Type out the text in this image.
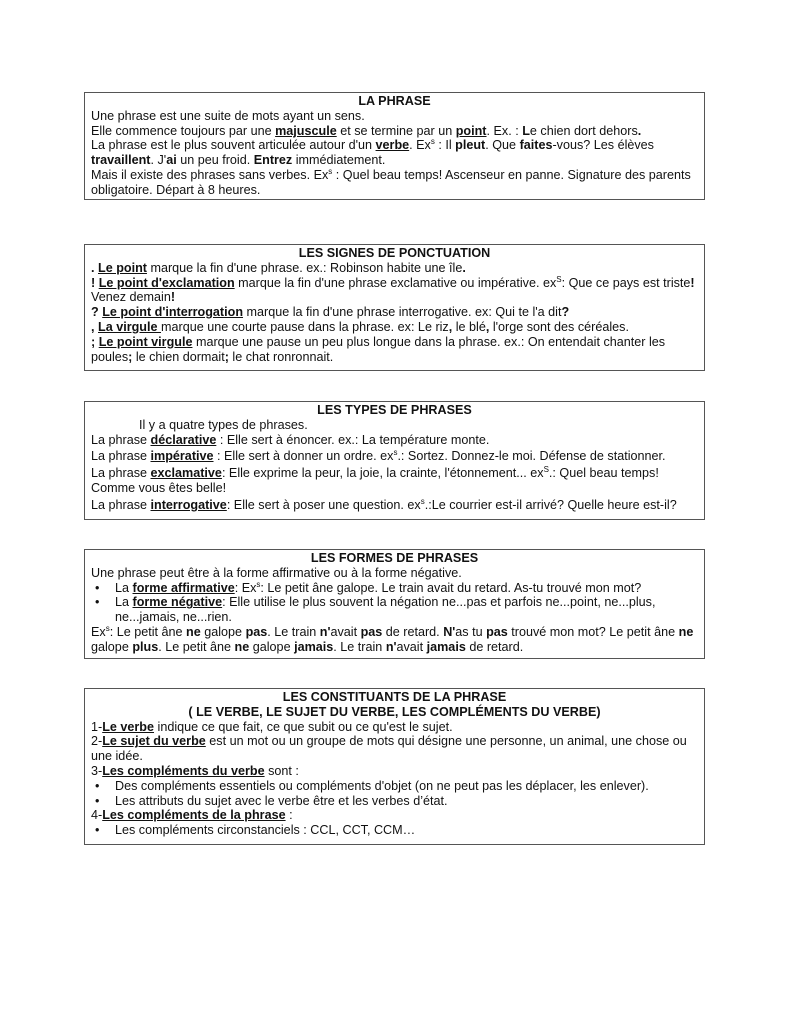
LA PHRASE
Une phrase est une suite de mots ayant un sens.
Elle commence toujours par une majuscule et se termine par un point. Ex. : Le chien dort dehors.
La phrase est le plus souvent articulée autour d'un verbe. Ex$^s$ : Il pleut. Que faites-vous? Les élèves
travaillent. J'ai un peu froid. Entrez immédiatement.
Mais il existe des phrases sans verbes. Ex$^s$ : Quel beau temps! Ascenseur en panne. Signature des parents obligatoire. Départ à 8 heures.
LES SIGNES DE PONCTUATION
. Le point marque la fin d'une phrase. ex.: Robinson habite une île.
! Le point d'exclamation marque la fin d'une phrase exclamative ou impérative. $ex^S$: Que ce pays est triste! Venez demain!
? Le point d'interrogation marque la fin d'une phrase interrogative. ex: Qui te l'a dit?
, La virgule marque une courte pause dans la phrase. ex: Le riz, le blé, l'orge sont des céréales.
; Le point virgule marque une pause un peu plus longue dans la phrase. ex.: On entendait chanter les poules; le chien dormait; le chat ronronnait.
LES TYPES DE PHRASES
Il y a quatre types de phrases.
La phrase déclarative : Elle sert à énoncer. ex.: La température monte.
La phrase impérative : Elle sert à donner un ordre. $ex^s$.: Sortez. Donnez-le moi. Défense de stationner.
La phrase exclamative: Elle exprime la peur, la joie, la crainte, l'étonnement... $ex^S$.: Quel beau temps! Comme vous êtes belle!
La phrase interrogative: Elle sert à poser une question. $ex^s.:Le$ courrier est-il arrivé? Quelle heure est-il?
LES FORMES DE PHRASES
Une phrase peut être à la forme affirmative ou à la forme négative.
• La forme affirmative: Ex$^s$: Le petit âne galope. Le train avait du retard. As-tu trouvé mon mot?
• La forme négative: Elle utilise le plus souvent la négation ne...pas et parfois ne...point, ne...plus, ne...jamais, ne...rien.
Ex$^s$: Le petit âne ne galope pas. Le train n'avait pas de retard. N'as tu pas trouvé mon mot? Le petit âne ne galope plus. Le petit âne ne galope jamais. Le train n'avait jamais de retard.
LES CONSTITUANTS DE LA PHRASE
( LE VERBE, LE SUJET DU VERBE, LES COMPLÉMENTS DU VERBE)
1-Le verbe indique ce que fait, ce que subit ou ce qu'est le sujet.
2-Le sujet du verbe est un mot ou un groupe de mots qui désigne une personne, un animal, une chose ou une idée.
3-Les compléments du verbe sont :
• Des compléments essentiels ou compléments d'objet (on ne peut pas les déplacer, les enlever).
• Les attributs du sujet avec le verbe être et les verbes d’état.
4-Les compléments de la phrase :
• Les compléments circonstanciels : CCL, CCT, CCM…
